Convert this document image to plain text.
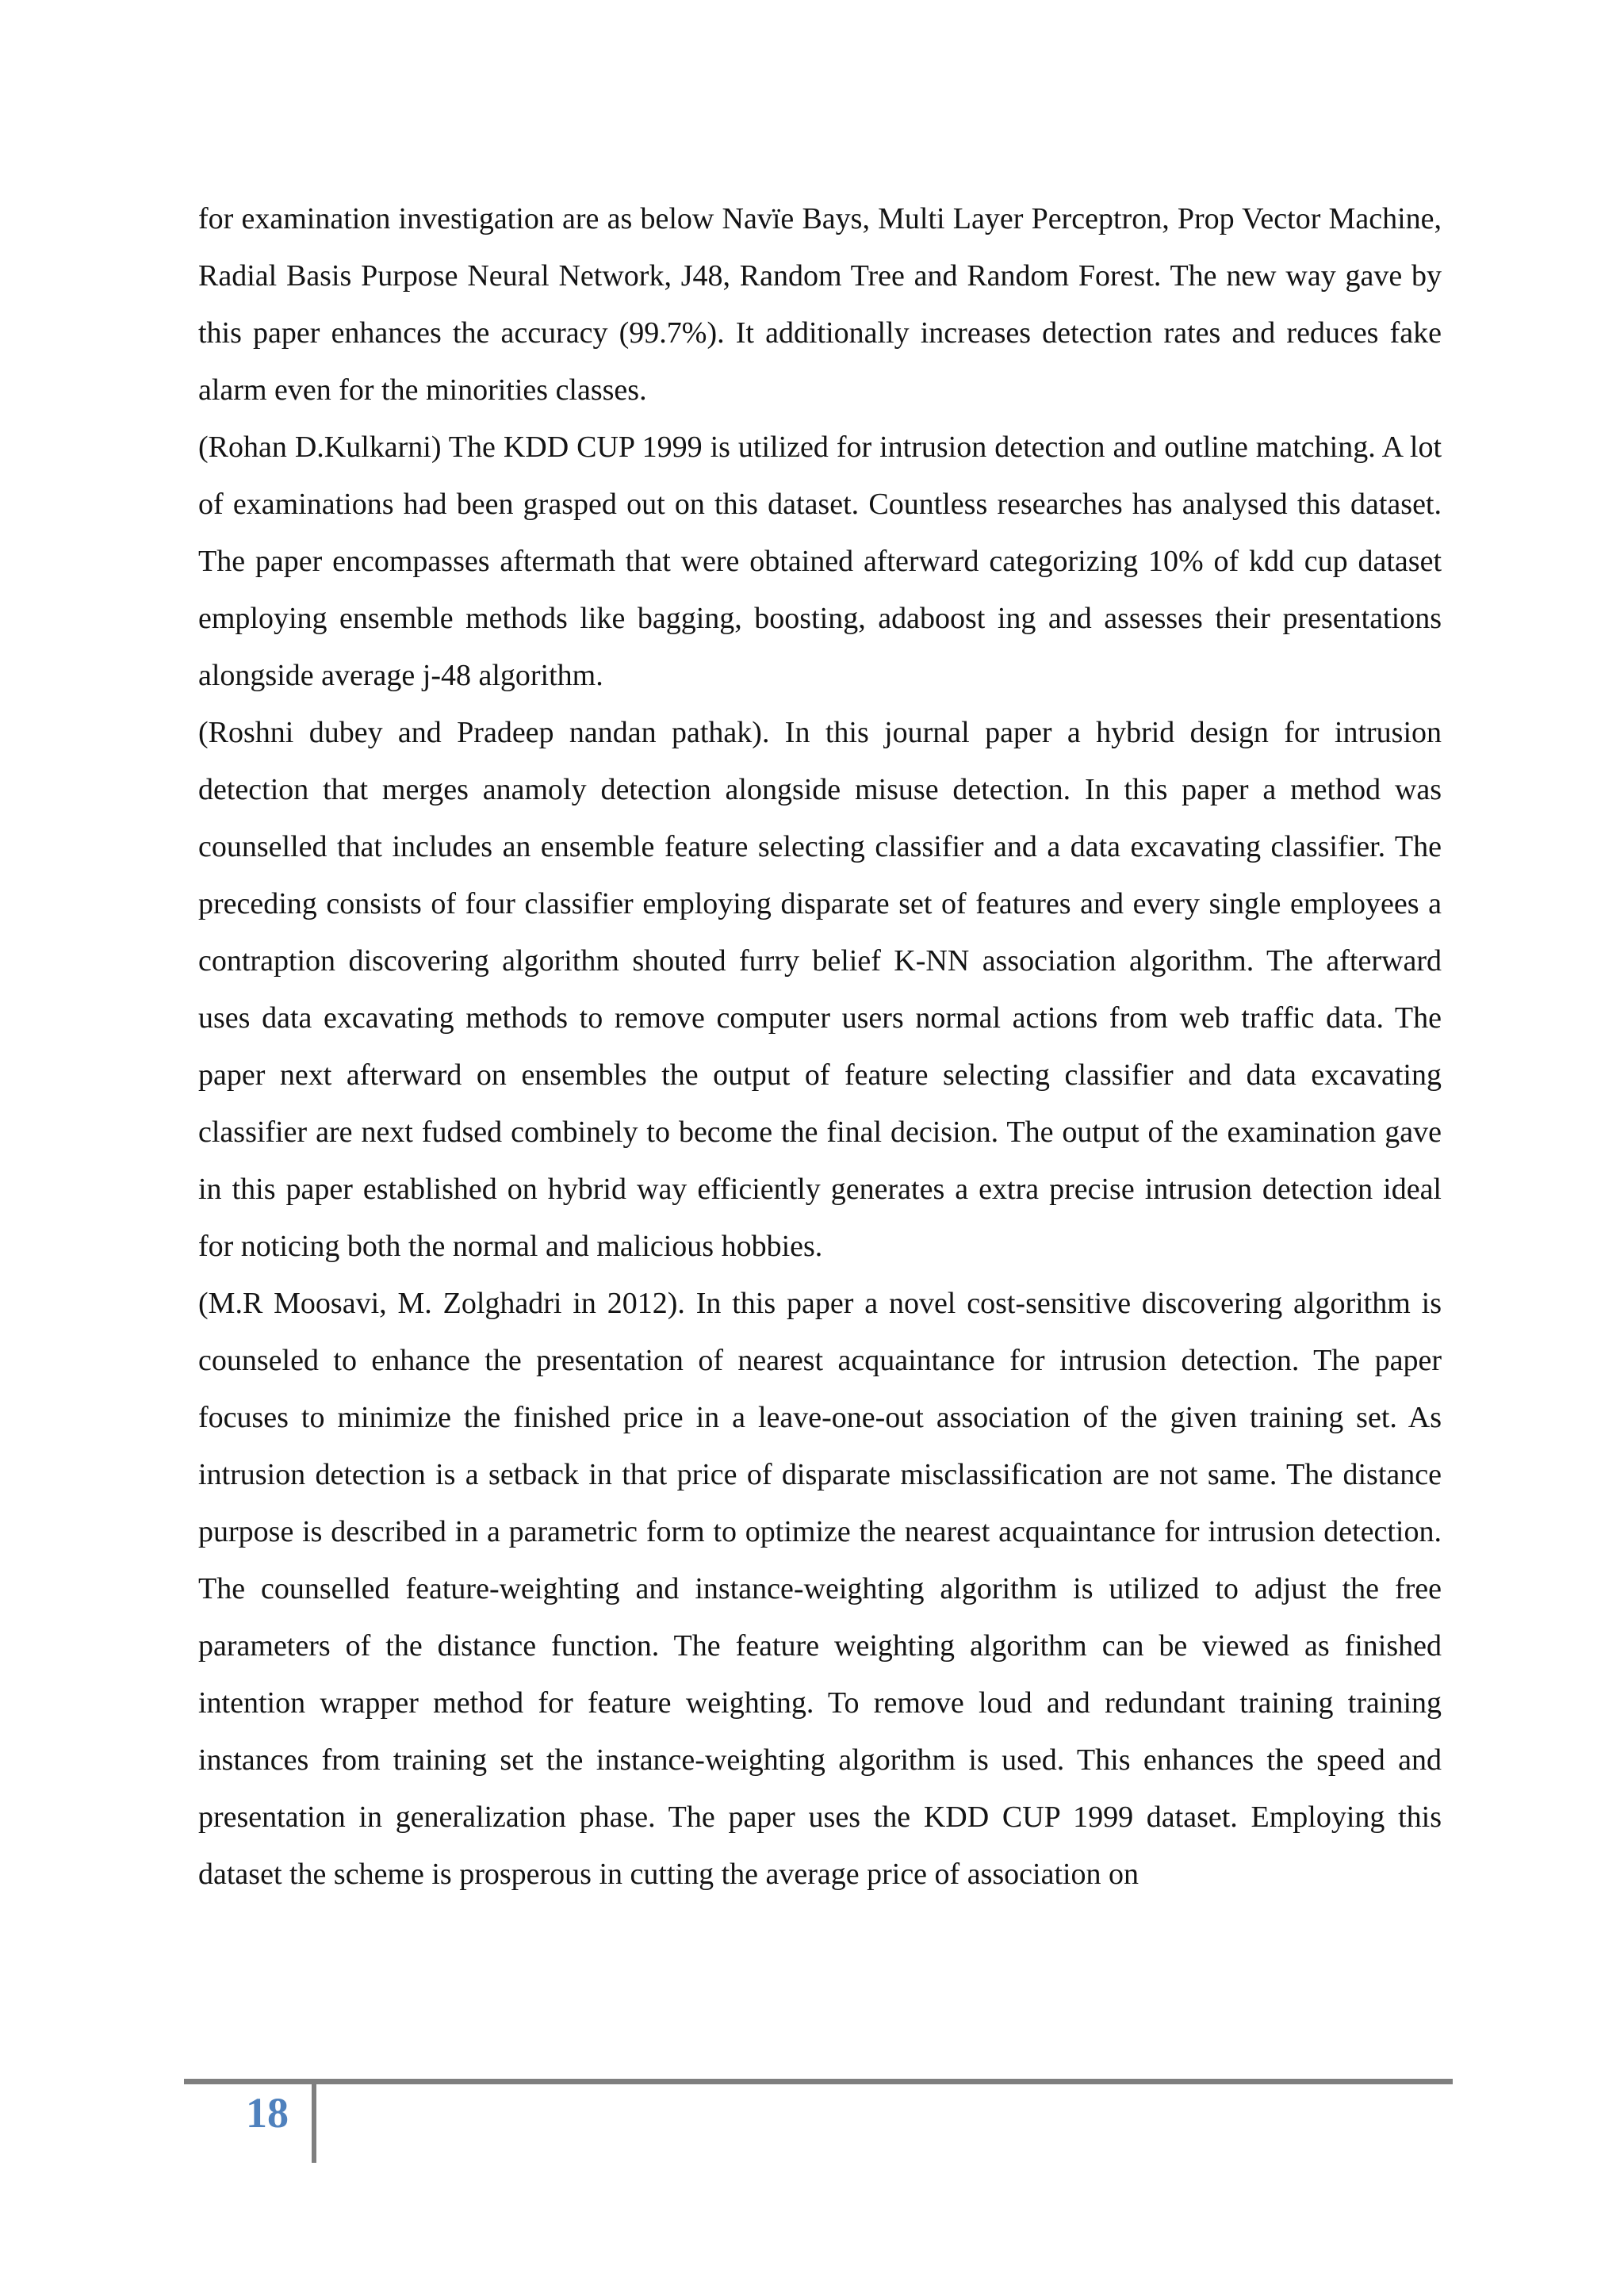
for examination investigation are as below Navïe Bays, Multi Layer Perceptron, Prop Vector Machine, Radial Basis Purpose Neural Network, J48, Random Tree and Random Forest. The new way gave by this paper enhances the accuracy (99.7%). It additionally increases detection rates and reduces fake alarm even for the minorities classes.

(Rohan D.Kulkarni) The KDD CUP 1999 is utilized for intrusion detection and outline matching. A lot of examinations had been grasped out on this dataset. Countless researches has analysed this dataset. The paper encompasses aftermath that were obtained afterward categorizing 10% of kdd cup dataset employing ensemble methods like bagging, boosting, adaboost ing and assesses their presentations alongside average j-48 algorithm.

(Roshni dubey and Pradeep nandan pathak). In this journal paper a hybrid design for intrusion detection that merges anamoly detection alongside misuse detection. In this paper a method was counselled that includes an ensemble feature selecting classifier and a data excavating classifier. The preceding consists of four classifier employing disparate set of features and every single employees a contraption discovering algorithm shouted furry belief K-NN association algorithm. The afterward uses data excavating methods to remove computer users normal actions from web traffic data. The paper next afterward on ensembles the output of feature selecting classifier and data excavating classifier are next fudsed combinely to become the final decision. The output of the examination gave in this paper established on hybrid way efficiently generates a extra precise intrusion detection ideal for noticing both the normal and malicious hobbies.

(M.R Moosavi, M. Zolghadri in 2012). In this paper a novel cost-sensitive discovering algorithm is counseled to enhance the presentation of nearest acquaintance for intrusion detection. The paper focuses to minimize the finished price in a leave-one-out association of the given training set. As intrusion detection is a setback in that price of disparate misclassification are not same. The distance purpose is described in a parametric form to optimize the nearest acquaintance for intrusion detection. The counselled feature-weighting and instance-weighting algorithm is utilized to adjust the free parameters of the distance function. The feature weighting algorithm can be viewed as finished intention wrapper method for feature weighting. To remove loud and redundant training training instances from training set the instance-weighting algorithm is used. This enhances the speed and presentation in generalization phase. The paper uses the KDD CUP 1999 dataset. Employing this dataset the scheme is prosperous in cutting the average price of association on

18
